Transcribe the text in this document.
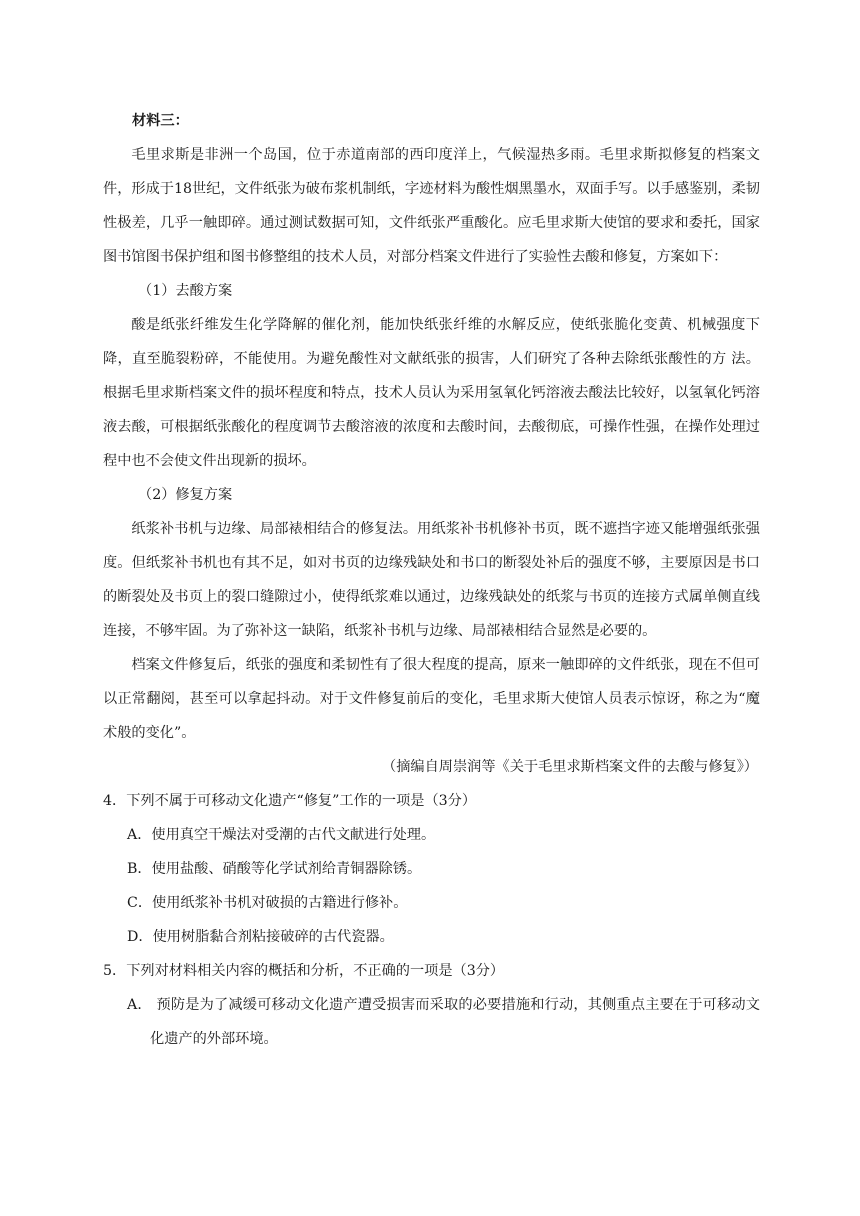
材料三：

毛里求斯是非洲一个岛国，位于赤道南部的西印度洋上，气候湿热多雨。毛里求斯拟修复的档案文件，形成于18世纪，文件纸张为破布浆机制纸，字迹材料为酸性烟黑墨水，双面手写。以手感鉴别，柔韧性极差，几乎一触即碎。通过测试数据可知，文件纸张严重酸化。应毛里求斯大使馆的要求和委托，国家图书馆图书保护组和图书修整组的技术人员，对部分档案文件进行了实验性去酸和修复，方案如下：

（1）去酸方案

酸是纸张纤维发生化学降解的催化剂，能加快纸张纤维的水解反应，使纸张脆化变黄、机械强度下降，直至脆裂粉碎，不能使用。为避免酸性对文献纸张的损害，人们研究了各种去除纸张酸性的方 法。根据毛里求斯档案文件的损坏程度和特点，技术人员认为采用氢氧化钙溶液去酸法比较好，以氢氧化钙溶液去酸，可根据纸张酸化的程度调节去酸溶液的浓度和去酸时间，去酸彻底，可操作性强，在操作处理过程中也不会使文件出现新的损坏。

（2）修复方案

纸浆补书机与边缘、局部裱相结合的修复法。用纸浆补书机修补书页，既不遮挡字迹又能增强纸张强度。但纸浆补书机也有其不足，如对书页的边缘残缺处和书口的断裂处补后的强度不够，主要原因是书口的断裂处及书页上的裂口缝隙过小，使得纸浆难以通过，边缘残缺处的纸浆与书页的连接方式属单侧直线连接，不够牢固。为了弥补这一缺陷，纸浆补书机与边缘、局部裱相结合显然是必要的。

档案文件修复后，纸张的强度和柔韧性有了很大程度的提高，原来一触即碎的文件纸张，现在不但可以正常翻阅，甚至可以拿起抖动。对于文件修复前后的变化，毛里求斯大使馆人员表示惊讶，称之为“魔术般的变化”。

（摘编自周崇润等《关于毛里求斯档案文件的去酸与修复》）
4．下列不属于可移动文化遗产“修复”工作的一项是（3分）
A．使用真空干燥法对受潮的古代文献进行处理。
B．使用盐酸、硝酸等化学试剂给青铜器除锈。
C．使用纸浆补书机对破损的古籍进行修补。
D．使用树脂黏合剂粘接破碎的古代瓷器。
5．下列对材料相关内容的概括和分析，不正确的一项是（3分）
A． 预防是为了减缓可移动文化遗产遭受损害而采取的必要措施和行动，其侧重点主要在于可移动文化遗产的外部环境。
